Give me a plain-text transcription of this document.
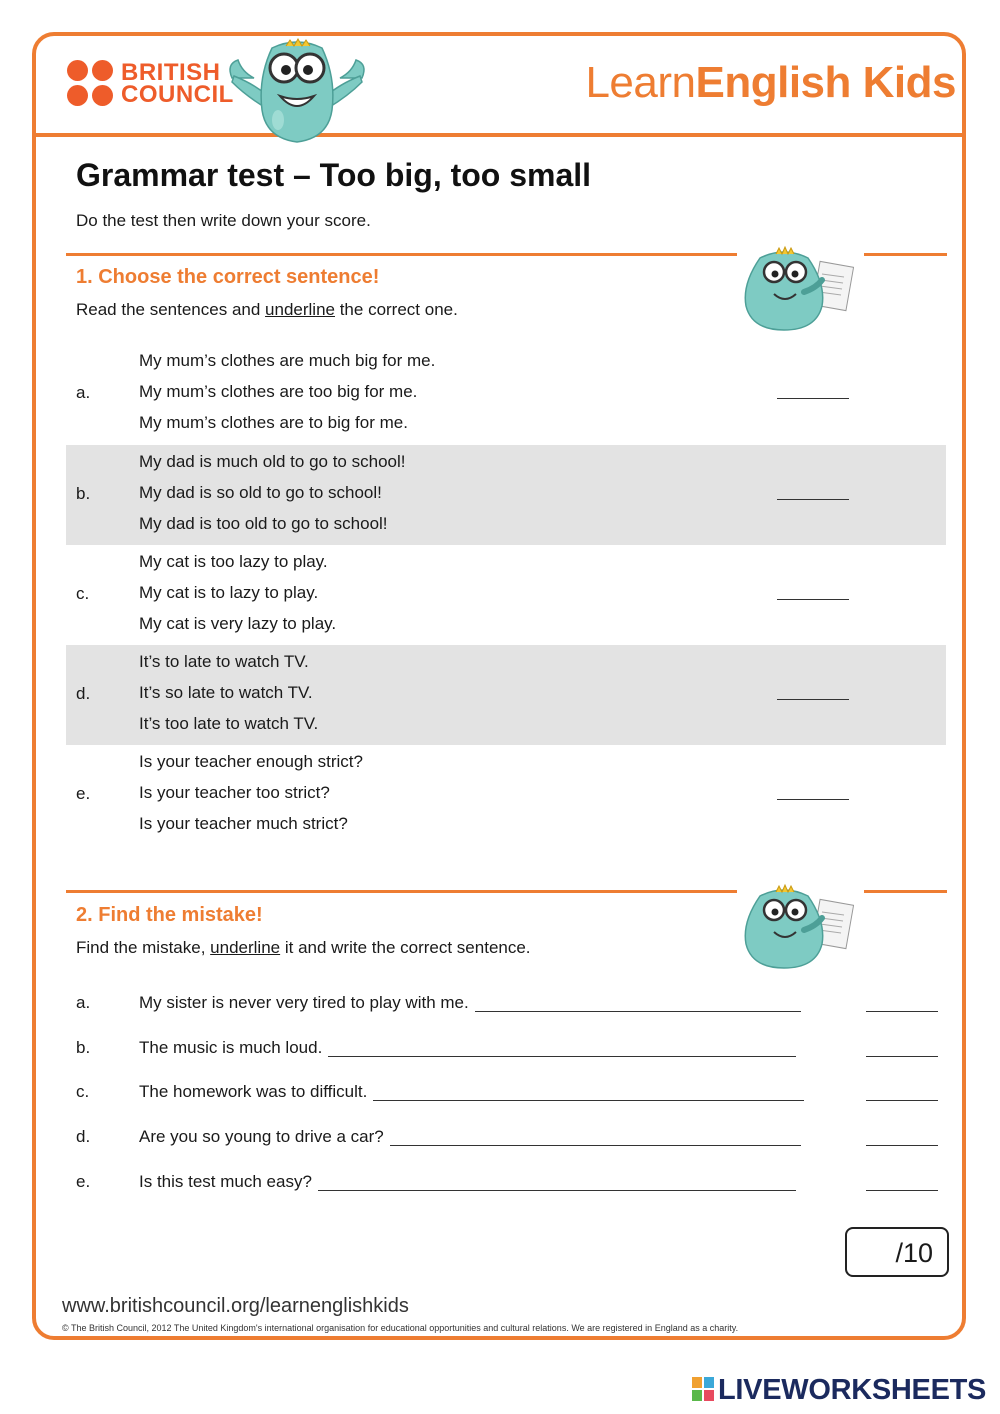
BRITISH
COUNCIL	LearnEnglish Kids
Grammar test – Too big, too small
Do the test then write down your score.
1. Choose the correct sentence!
Read the sentences and underline the correct one.
a.
My mum’s clothes are much big for me.
My mum’s clothes are too big for me.
My mum’s clothes are to big for me.
b.
My dad is much old to go to school!
My dad is so old to go to school!
My dad is too old to go to school!
c.
My cat is too lazy to play.
My cat is to lazy to play.
My cat is very lazy to play.
d.
It’s to late to watch TV.
It’s so late to watch TV.
It’s too late to watch TV.
e.
Is your teacher enough strict?
Is your teacher too strict?
Is your teacher much strict?
2. Find the mistake!
Find the mistake, underline it and write the correct sentence.
a.	My sister is never very tired to play with me.
b.	The music is much loud.
c.	The homework was to difficult.
d.	Are you so young to drive a car?
e.	Is this test much easy?
/10
www.britishcouncil.org/learnenglishkids
© The British Council, 2012 The United Kingdom's international organisation for educational opportunities and cultural relations. We are registered in England as a charity.
LIVEWORKSHEETS
